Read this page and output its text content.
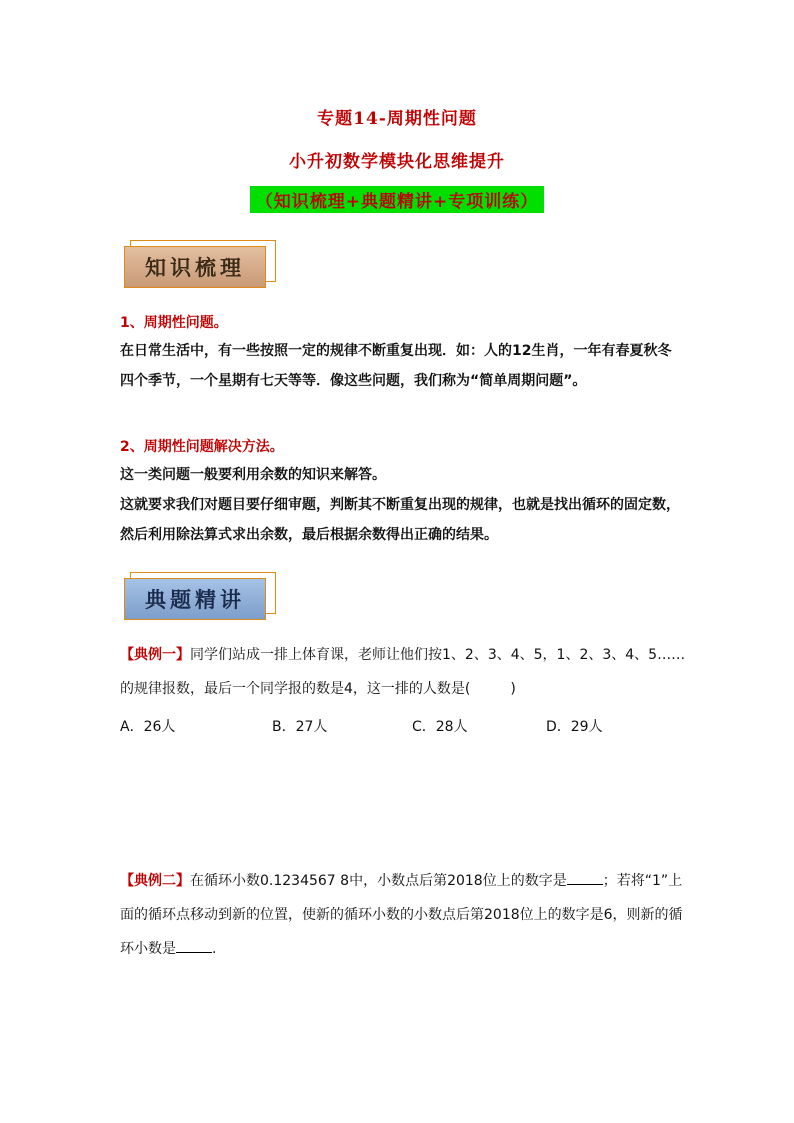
专题14-周期性问题
小升初数学模块化思维提升
（知识梳理+典题精讲+专项训练）
知识梳理
1、周期性问题。
在日常生活中，有一些按照一定的规律不断重复出现．如：人的12生肖，一年有春夏秋冬四个季节，一个星期有七天等等．像这些问题，我们称为“简单周期问题”。
2、周期性问题解决方法。
这一类问题一般要利用余数的知识来解答。
这就要求我们对题目要仔细审题，判断其不断重复出现的规律，也就是找出循环的固定数，然后利用除法算式求出余数，最后根据余数得出正确的结果。
典题精讲
【典例一】同学们站成一排上体育课，老师让他们按1、2、3、4、5，1、2、3、4、5……的规律报数，最后一个同学报的数是4，这一排的人数是(	)
A．26人	B．27人	C．28人	D．29人
【典例二】在循环小数0.1234567 8中，小数点后第2018位上的数字是	；若将“1”上面的循环点移动到新的位置，使新的循环小数的小数点后第2018位上的数字是6，则新的循环小数是	.
